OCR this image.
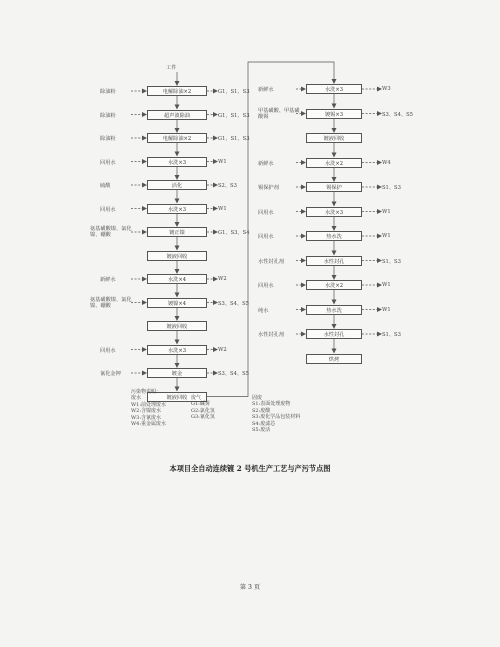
工件
电解除油×2
除油粉	G1、S1、S3
超声波除油
除油粉	G1、S1、S3
电解除油×2
除油粉	G1、S1、S3
水洗×3
回用水	W1
活化
硫酸	S2、S3
水洗×3
回用水	W1
镀正镍
氨基磺酸镍、氯化镍、硼酸	G1、S3、S4
镀液回收
水洗×4
新鲜水	W2
镀镍×4
氨基磺酸镍、氯化镍、硼酸	S3、S4、S5
镀液回收
水洗×3
回用水	W2
镀金
氰化金钾	S3、S4、S5
镀液回收
水洗×3
新鲜水	W3
镀锡×3
甲基磺酸、甲基磺酸锡	S3、S4、S5
镀液回收
水洗×2
新鲜水	W4
锡保护
锡保护剂	S1、S3
水洗×3
回用水	W1
热水洗
回用水	W1
水性封孔
水性封孔剂	S1、S3
水洗×2
回用水	W1
热水洗
纯水	W1
水性封孔
水性封孔剂	S1、S3
烘烤
污染物说明：
废水
W1:前处理废水
W2:含镍废水
W3:含氰废水
W4:重金属废水
废气
G1:碱雾
G2:氯化氢
G3:氰化氢
固废
S1:表面处理废物
S2:废酸
S3:废化学品包装材料
S4:废滤芯
S5:废活
本项目全自动连续镀 2 号机生产工艺与产污节点图
第 3 页
